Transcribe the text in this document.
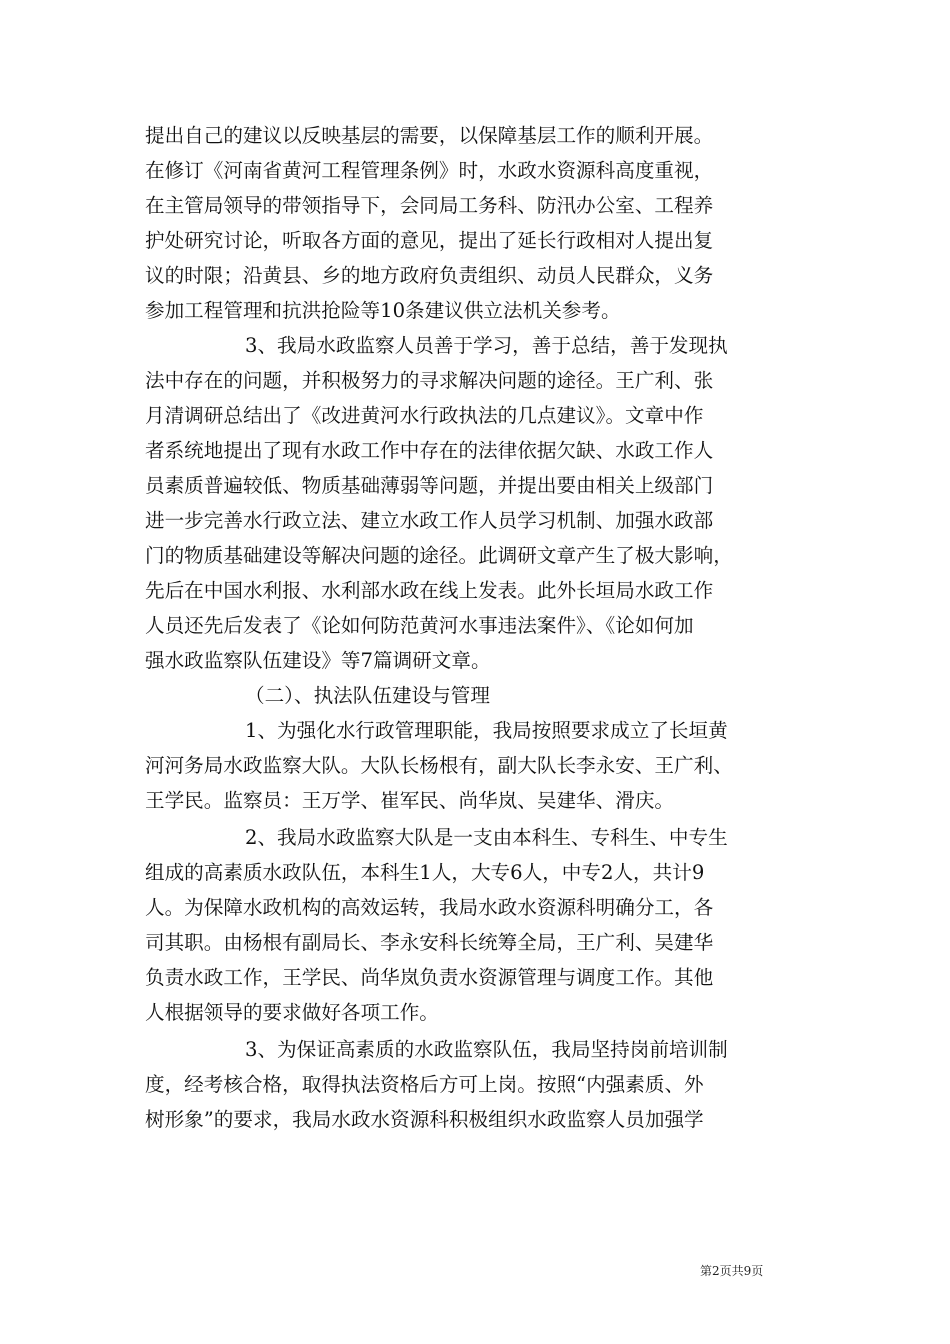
提出自己的建议以反映基层的需要，以保障基层工作的顺利开展。
在修订《河南省黄河工程管理条例》时，水政水资源科高度重视，
在主管局领导的带领指导下，会同局工务科、防汛办公室、工程养
护处研究讨论，听取各方面的意见，提出了延长行政相对人提出复
议的时限；沿黄县、乡的地方政府负责组织、动员人民群众，义务
参加工程管理和抗洪抢险等10条建议供立法机关参考。
3、我局水政监察人员善于学习，善于总结，善于发现执
法中存在的问题，并积极努力的寻求解决问题的途径。王广利、张
月清调研总结出了《改进黄河水行政执法的几点建议》。文章中作
者系统地提出了现有水政工作中存在的法律依据欠缺、水政工作人
员素质普遍较低、物质基础薄弱等问题，并提出要由相关上级部门
进一步完善水行政立法、建立水政工作人员学习机制、加强水政部
门的物质基础建设等解决问题的途径。此调研文章产生了极大影响，
先后在中国水利报、水利部水政在线上发表。此外长垣局水政工作
人员还先后发表了《论如何防范黄河水事违法案件》、《论如何加
强水政监察队伍建设》等7篇调研文章。
（二）、执法队伍建设与管理
1、为强化水行政管理职能，我局按照要求成立了长垣黄
河河务局水政监察大队。大队长杨根有，副大队长李永安、王广利、
王学民。监察员：王万学、崔军民、尚华岚、吴建华、滑庆。
2、我局水政监察大队是一支由本科生、专科生、中专生
组成的高素质水政队伍，本科生1人，大专6人，中专2人，共计9
人。为保障水政机构的高效运转，我局水政水资源科明确分工，各
司其职。由杨根有副局长、李永安科长统筹全局，王广利、吴建华
负责水政工作，王学民、尚华岚负责水资源管理与调度工作。其他
人根据领导的要求做好各项工作。
3、为保证高素质的水政监察队伍，我局坚持岗前培训制
度，经考核合格，取得执法资格后方可上岗。按照“内强素质、外
树形象”的要求，我局水政水资源科积极组织水政监察人员加强学
第2页共9页
